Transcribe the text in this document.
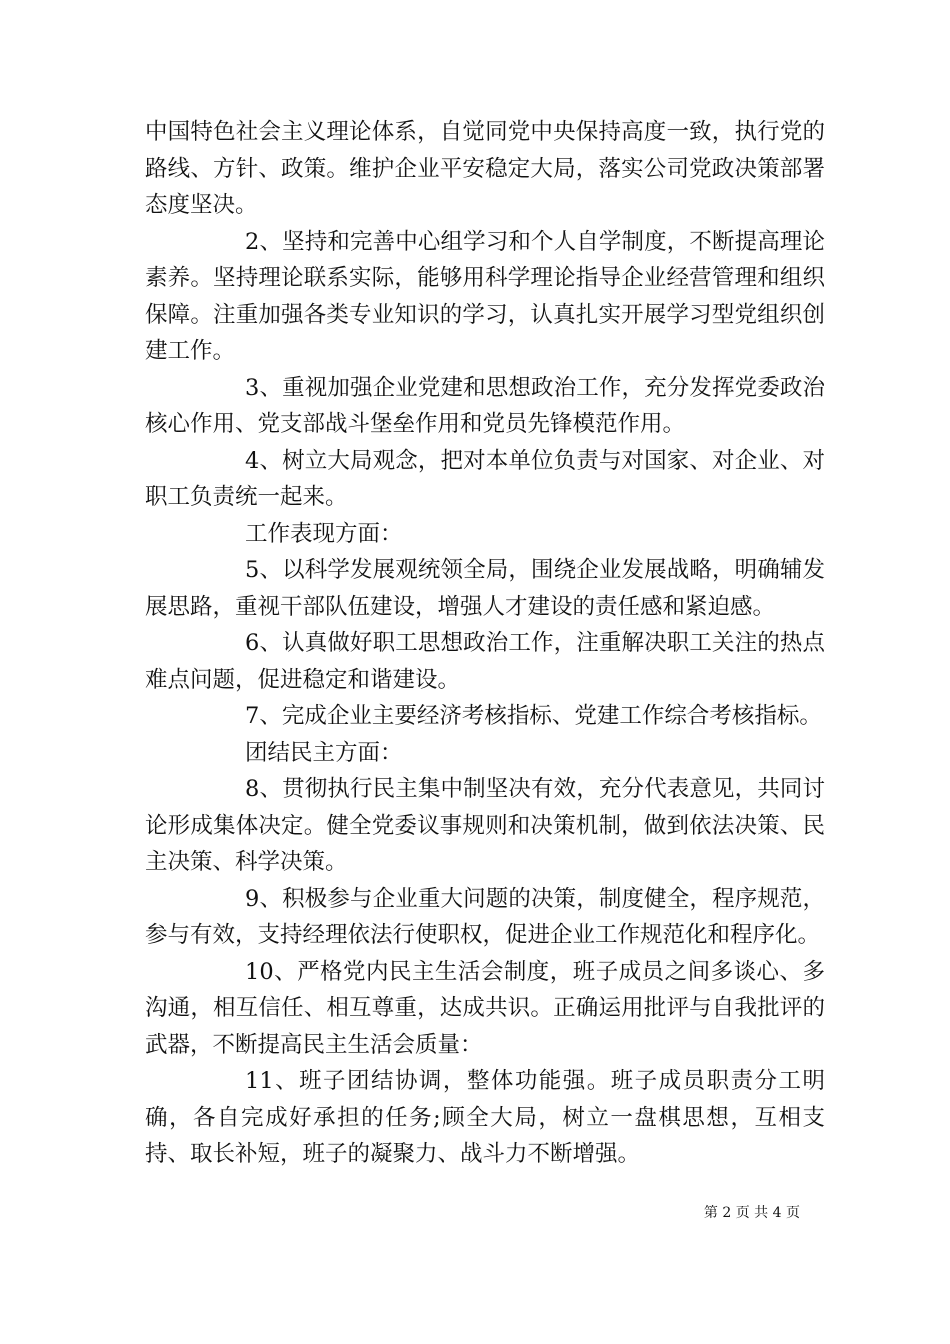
中国特色社会主义理论体系，自觉同党中央保持高度一致，执行党的路线、方针、政策。维护企业平安稳定大局，落实公司党政决策部署态度坚决。

2、坚持和完善中心组学习和个人自学制度，不断提高理论素养。坚持理论联系实际，能够用科学理论指导企业经营管理和组织保障。注重加强各类专业知识的学习，认真扎实开展学习型党组织创建工作。

3、重视加强企业党建和思想政治工作，充分发挥党委政治核心作用、党支部战斗堡垒作用和党员先锋模范作用。

4、树立大局观念，把对本单位负责与对国家、对企业、对职工负责统一起来。

工作表现方面：

5、以科学发展观统领全局，围绕企业发展战略，明确辅发展思路，重视干部队伍建设，增强人才建设的责任感和紧迫感。

6、认真做好职工思想政治工作，注重解决职工关注的热点难点问题，促进稳定和谐建设。

7、完成企业主要经济考核指标、党建工作综合考核指标。

团结民主方面：

8、贯彻执行民主集中制坚决有效，充分代表意见，共同讨论形成集体决定。健全党委议事规则和决策机制，做到依法决策、民主决策、科学决策。

9、积极参与企业重大问题的决策，制度健全，程序规范，参与有效，支持经理依法行使职权，促进企业工作规范化和程序化。

10、严格党内民主生活会制度，班子成员之间多谈心、多沟通，相互信任、相互尊重，达成共识。正确运用批评与自我批评的武器，不断提高民主生活会质量：

11、班子团结协调，整体功能强。班子成员职责分工明确，各自完成好承担的任务;顾全大局，树立一盘棋思想，互相支持、取长补短，班子的凝聚力、战斗力不断增强。

第 2 页 共 4 页
